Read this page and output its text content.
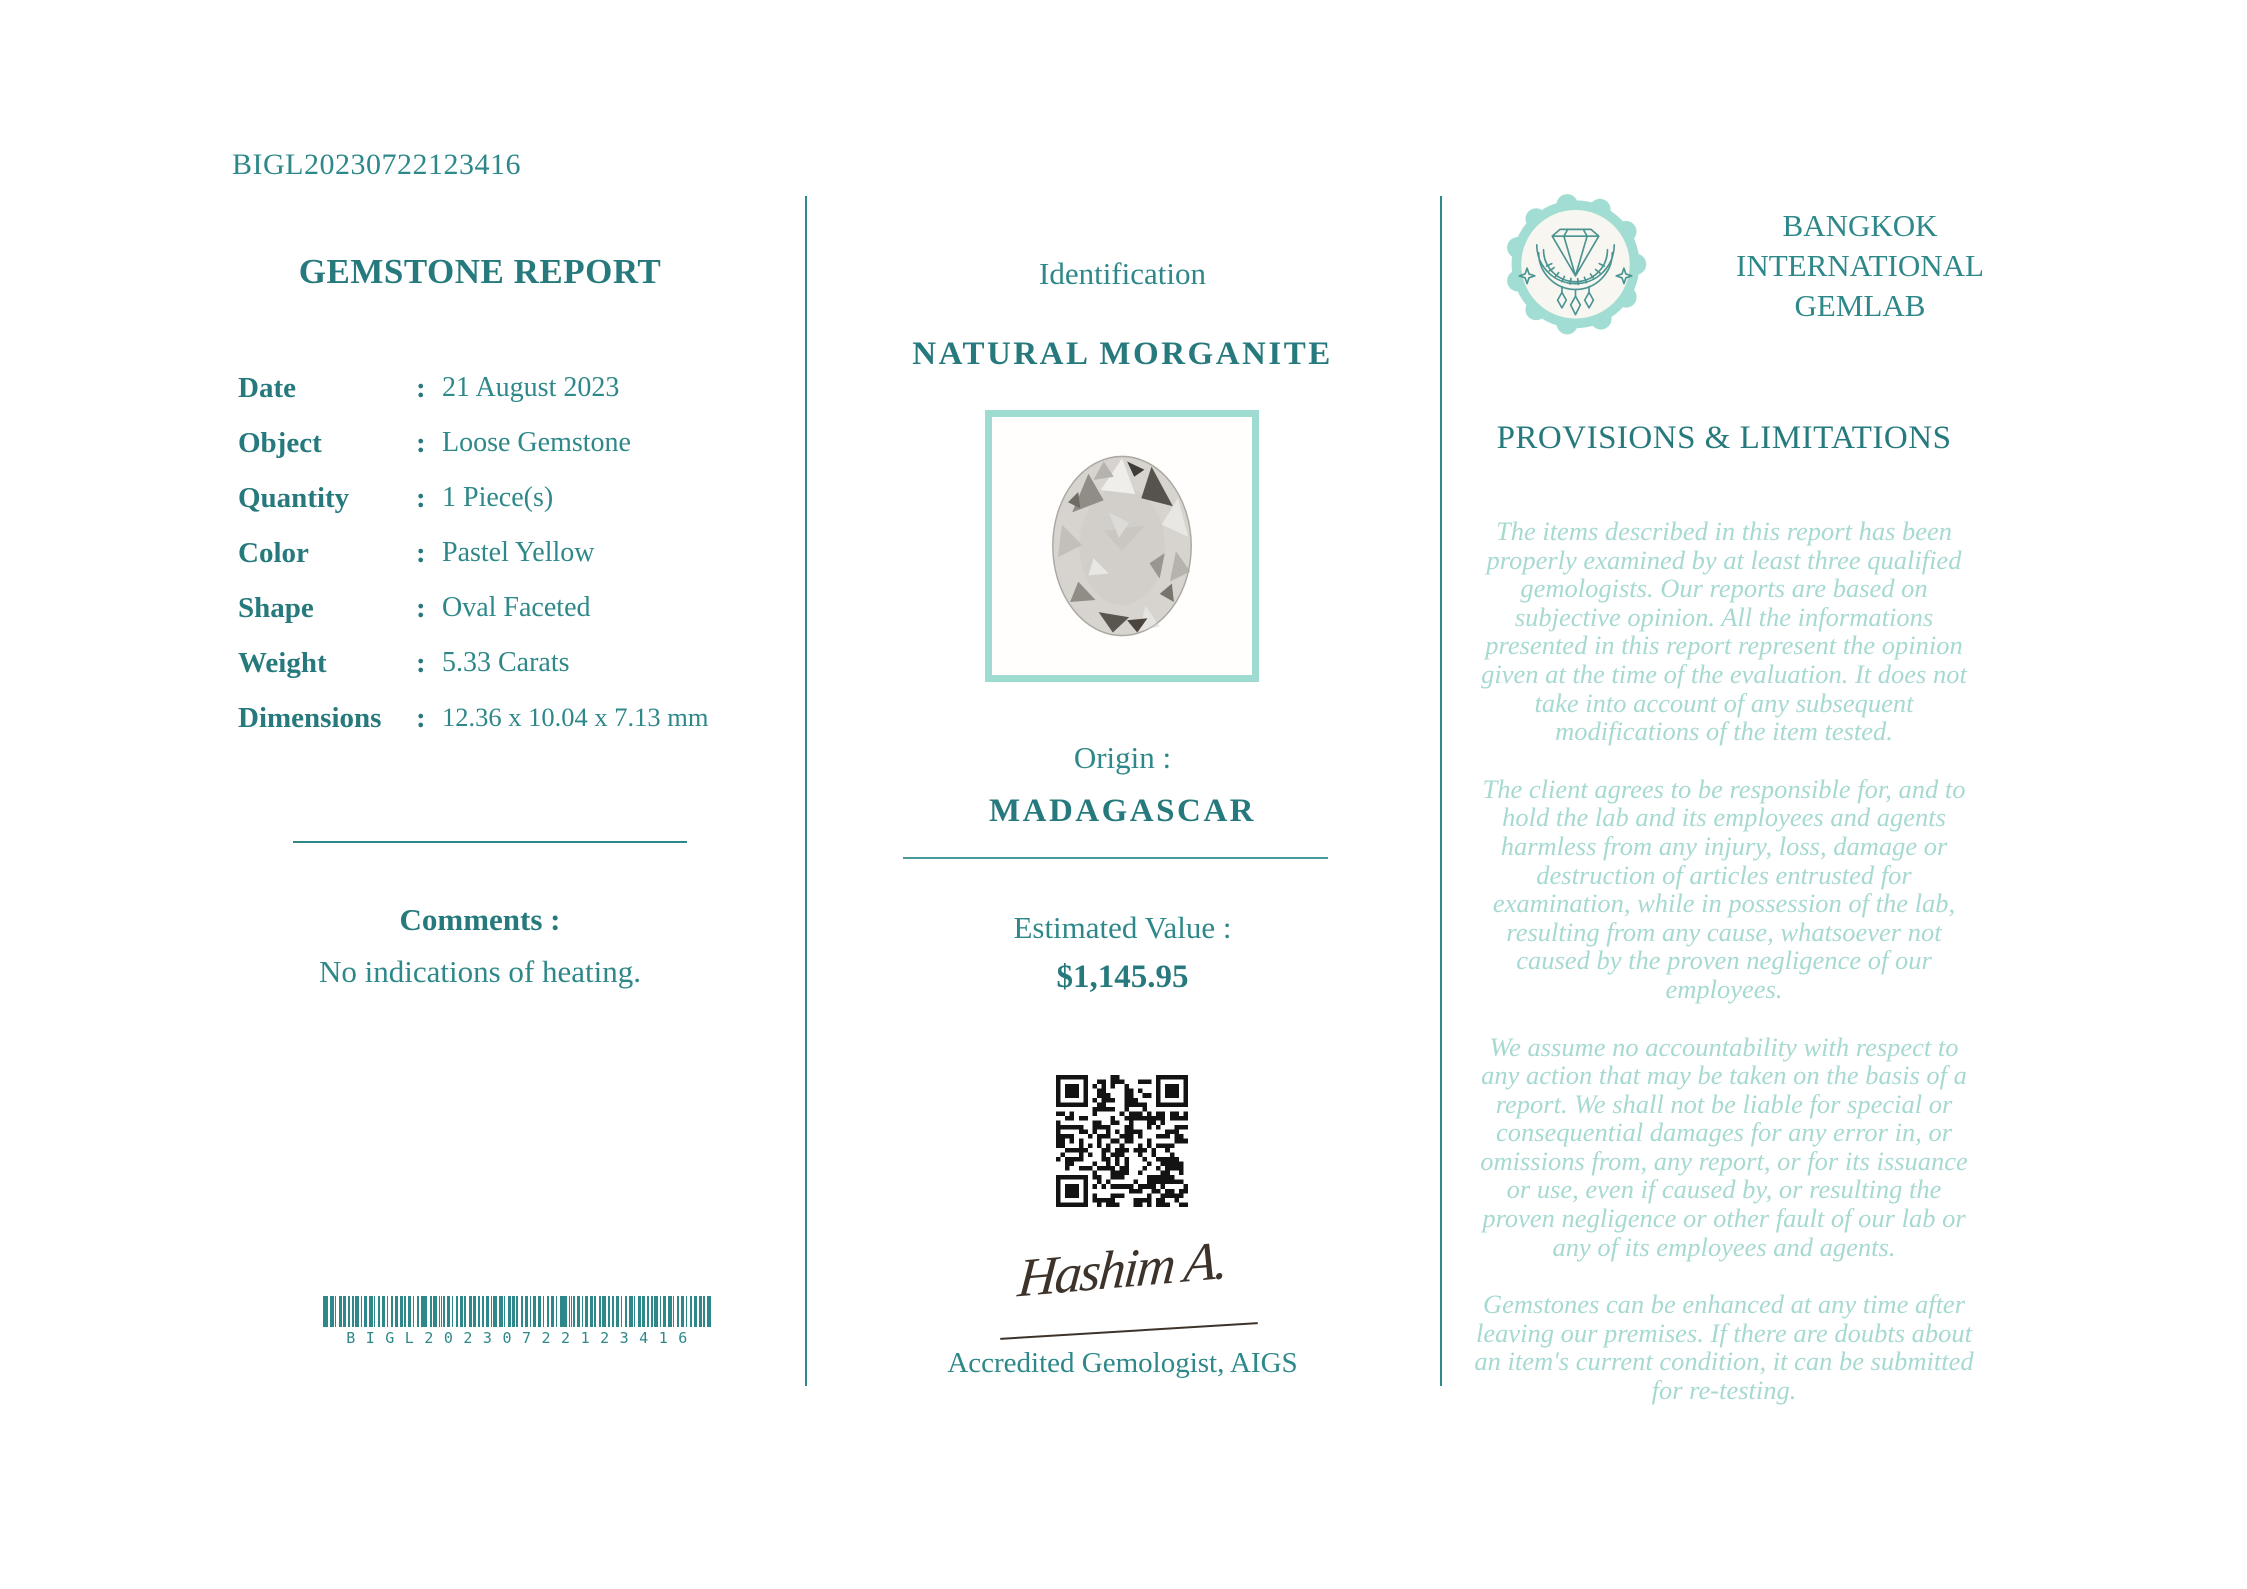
BIGL20230722123416
GEMSTONE REPORT
Date	: 21 August 2023
Object	: Loose Gemstone
Quantity	: 1 Piece(s)
Color	: Pastel Yellow
Shape	: Oval Faceted
Weight	: 5.33 Carats
Dimensions	: 12.36 x 10.04 x 7.13 mm
Comments :
No indications of heating.
BIGL20230722123416
Identification
NATURAL MORGANITE
Origin :
MADAGASCAR
Estimated Value :
$1,145.95
Hashim A.
Accredited Gemologist, AIGS
BANGKOK INTERNATIONAL GEMLAB
PROVISIONS & LIMITATIONS

The items described in this report has been properly examined by at least three qualified gemologists. Our reports are based on subjective opinion. All the informations presented in this report represent the opinion given at the time of the evaluation. It does not take into account of any subsequent modifications of the item tested.

The client agrees to be responsible for, and to hold the lab and its employees and agents harmless from any injury, loss, damage or destruction of articles entrusted for examination, while in possession of the lab, resulting from any cause, whatsoever not caused by the proven negligence of our employees.

We assume no accountability with respect to any action that may be taken on the basis of a report. We shall not be liable for special or consequential damages for any error in, or omissions from, any report, or for its issuance or use, even if caused by, or resulting the proven negligence or other fault of our lab or any of its employees and agents.

Gemstones can be enhanced at any time after leaving our premises. If there are doubts about an item's current condition, it can be submitted for re-testing.
